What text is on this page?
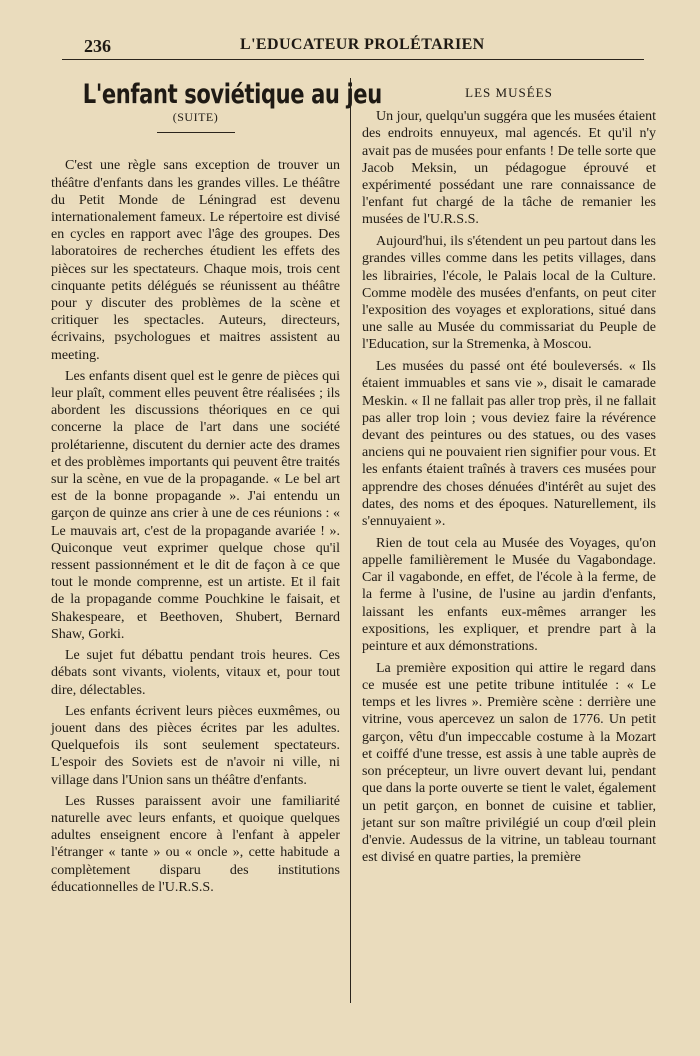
236	L'EDUCATEUR PROLÉTARIEN
L'enfant soviétique au jeu
(SUITE)

C'est une règle sans exception de trouver un théâtre d'enfants dans les grandes villes. Le théâtre du Petit Monde de Léningrad est devenu internationalement fameux. Le répertoire est divisé en cycles en rapport avec l'âge des groupes. Des laboratoires de recherches étudient les effets des pièces sur les spectateurs. Chaque mois, trois cent cinquante petits délégués se réunissent au théâtre pour y discuter des problèmes de la scène et critiquer les spectacles. Auteurs, directeurs, écrivains, psychologues et maitres assistent au meeting.

Les enfants disent quel est le genre de pièces qui leur plaît, comment elles peuvent être réalisées ; ils abordent les discussions théoriques en ce qui concerne la place de l'art dans une société prolétarienne, discutent du dernier acte des drames et des problèmes importants qui peuvent être traités sur la scène, en vue de la propagande. « Le bel art est de la bonne propagande ». J'ai entendu un garçon de quinze ans crier à une de ces réunions : « Le mauvais art, c'est de la propagande avariée ! ». Quiconque veut exprimer quelque chose qu'il ressent passionnément et le dit de façon à ce que tout le monde comprenne, est un artiste. Et il fait de la propagande comme Pouchkine le faisait, et Shakespeare, et Beethoven, Shubert, Bernard Shaw, Gorki.

Le sujet fut débattu pendant trois heures. Ces débats sont vivants, violents, vitaux et, pour tout dire, délectables.

Les enfants écrivent leurs pièces euxmêmes, ou jouent dans des pièces écrites par les adultes. Quelquefois ils sont seulement spectateurs. L'espoir des Soviets est de n'avoir ni ville, ni village dans l'Union sans un théâtre d'enfants.

Les Russes paraissent avoir une familiarité naturelle avec leurs enfants, et quoique quelques adultes enseignent encore à l'enfant à appeler l'étranger « tante » ou « oncle », cette habitude a complètement disparu des institutions éducationnelles de l'U.R.S.S.

LES MUSÉES

Un jour, quelqu'un suggéra que les musées étaient des endroits ennuyeux, mal agencés. Et qu'il n'y avait pas de musées pour enfants ! De telle sorte que Jacob Meksin, un pédagogue éprouvé et expérimenté possédant une rare connaissance de l'enfant fut chargé de la tâche de remanier les musées de l'U.R.S.S.

Aujourd'hui, ils s'étendent un peu partout dans les grandes villes comme dans les petits villages, dans les librairies, l'école, le Palais local de la Culture. Comme modèle des musées d'enfants, on peut citer l'exposition des voyages et explorations, situé dans une salle au Musée du commissariat du Peuple de l'Education, sur la Stremenka, à Moscou.

Les musées du passé ont été bouleversés. « Ils étaient immuables et sans vie », disait le camarade Meskin. « Il ne fallait pas aller trop près, il ne fallait pas aller trop loin ; vous deviez faire la révérence devant des peintures ou des statues, ou des vases anciens qui ne pouvaient rien signifier pour vous. Et les enfants étaient traînés à travers ces musées pour apprendre des choses dénuées d'intérêt au sujet des dates, des noms et des époques. Naturellement, ils s'ennuyaient ».

Rien de tout cela au Musée des Voyages, qu'on appelle familièrement le Musée du Vagabondage. Car il vagabonde, en effet, de l'école à la ferme, de la ferme à l'usine, de l'usine au jardin d'enfants, laissant les enfants eux-mêmes arranger les expositions, les expliquer, et prendre part à la peinture et aux démonstrations.

La première exposition qui attire le regard dans ce musée est une petite tribune intitulée : « Le temps et les livres ». Première scène : derrière une vitrine, vous apercevez un salon de 1776. Un petit garçon, vêtu d'un impeccable costume à la Mozart et coiffé d'une tresse, est assis à une table auprès de son précepteur, un livre ouvert devant lui, pendant que dans la porte ouverte se tient le valet, également un petit garçon, en bonnet de cuisine et tablier, jetant sur son maître privilégié un coup d'œil plein d'envie. Audessus de la vitrine, un tableau tournant est divisé en quatre parties, la première
